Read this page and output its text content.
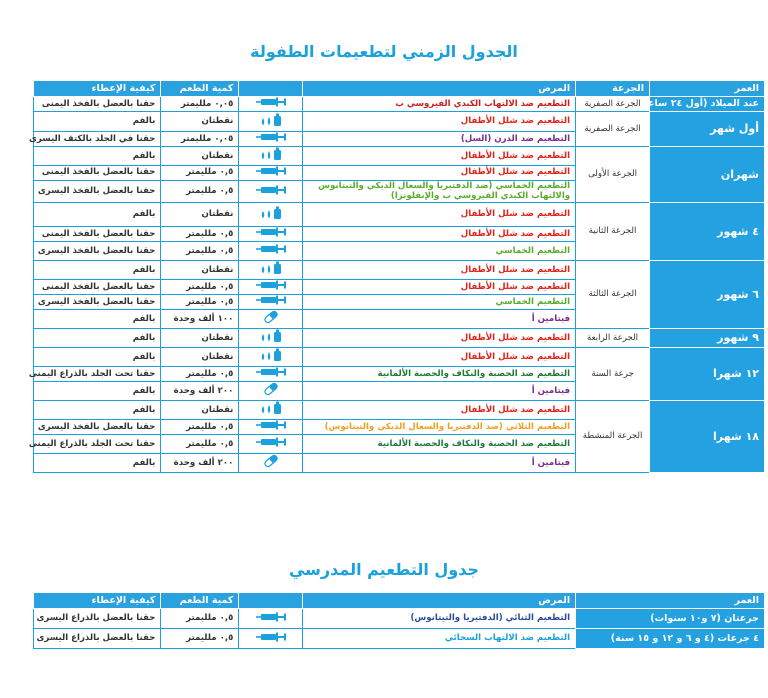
الجدول الزمني لتطعيمات الطفولة
العمر	الجرعة	المرض		كمية الطعم	كيفية الإعطاء
عند الميلاد (أول ٢٤ ساعة)	الجرعة الصفرية	التطعيم ضد الالتهاب الكبدي الفيروسي ب		٠,٠٥ ملليمتر	حقنا بالعضل بالفخذ اليمنى
أول شهر	الجرعة الصفرية	التطعيم ضد شلل الأطفال		نقطتان	بالفم
		التطعيم ضد الدرن (السل)		٠,٠٥ ملليمتر	حقنا في الجلد بالكتف اليسرى
شهران	الجرعة الأولى	التطعيم ضد شلل الأطفال		نقطتان	بالفم
		التطعيم ضد شلل الأطفال		٠,٥ ملليمتر	حقنا بالعضل بالفخذ اليمنى
		التطعيم الخماسي (ضد الدفتيريا والسعال الديكي والتيتانوس والالتهاب الكبدي الفيروسي ب والإنفلونزا)		٠,٥ ملليمتر	حقنا بالعضل بالفخذ اليسرى
٤ شهور	الجرعة الثانية	التطعيم ضد شلل الأطفال		نقطتان	بالفم
		التطعيم ضد شلل الأطفال		٠,٥ ملليمتر	حقنا بالعضل بالفخذ اليمنى
		التطعيم الخماسي		٠,٥ ملليمتر	حقنا بالعضل بالفخذ اليسرى
٦ شهور	الجرعة الثالثة	التطعيم ضد شلل الأطفال		نقطتان	بالفم
		التطعيم ضد شلل الأطفال		٠,٥ ملليمتر	حقنا بالعضل بالفخذ اليمنى
		التطعيم الخماسي		٠,٥ ملليمتر	حقنا بالعضل بالفخذ اليسرى
		فيتامين أ		١٠٠ ألف وحدة	بالفم
٩ شهور	الجرعة الرابعة	التطعيم ضد شلل الأطفال		نقطتان	بالفم
١٢ شهرا	جرعة السنة	التطعيم ضد شلل الأطفال		نقطتان	بالفم
		التطعيم ضد الحصبة والنكاف والحصبة الألمانية		٠,٥ ملليمتر	حقنا تحت الجلد بالذراع اليمنى
		فيتامين أ		٢٠٠ ألف وحدة	بالفم
١٨ شهرا	الجرعة المنشطة	التطعيم ضد شلل الأطفال		نقطتان	بالفم
		التطعيم الثلاثي (ضد الدفتيريا والسعال الديكي والتيتانوس)		٠,٥ ملليمتر	حقنا بالعضل بالفخذ اليسرى
		التطعيم ضد الحصبة والنكاف والحصبة الألمانية		٠,٥ ملليمتر	حقنا تحت الجلد بالذراع اليمنى
		فيتامين أ		٢٠٠ ألف وحدة	بالفم
جدول التطعيم المدرسي
العمر	المرض		كمية الطعم	كيفية الإعطاء
جرعتان (٧ و١٠ سنوات)	التطعيم الثنائي (الدفتيريا والتيتانوس)		٠,٥ ملليمتر	حقنا بالعضل بالذراع اليسرى
٤ جرعات (٤ و ٦ و ١٢ و ١٥ سنة)	التطعيم ضد الالتهاب السحائي		٠,٥ ملليمتر	حقنا بالعضل بالذراع اليسرى
